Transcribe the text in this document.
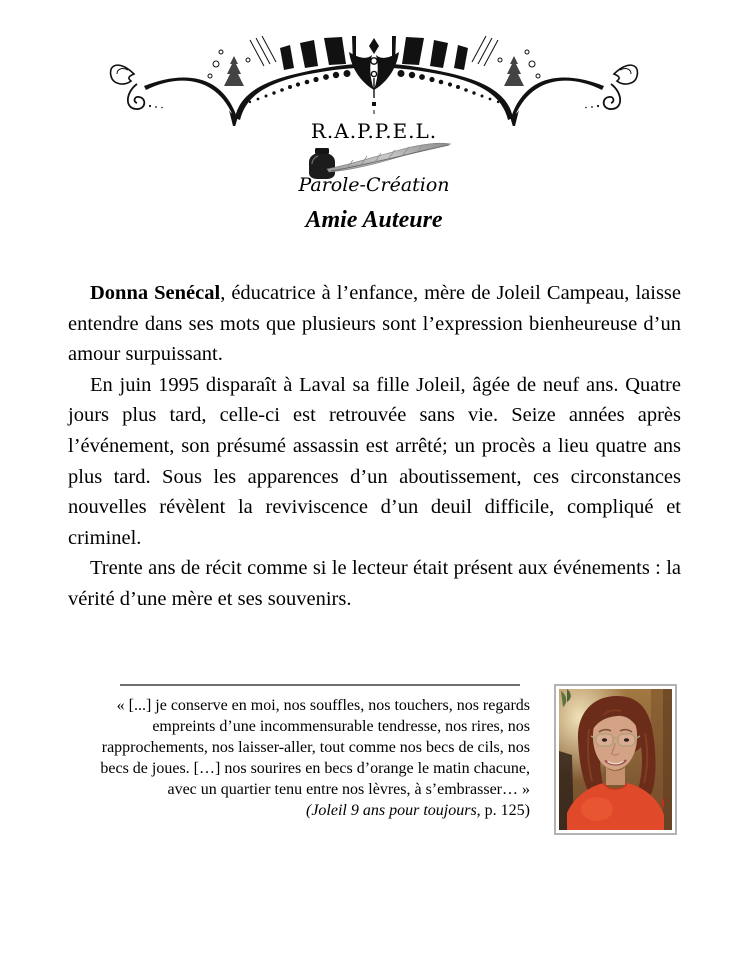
R.A.P.P.E.L.
Parole-Création
Amie Auteure

Donna Senécal, éducatrice à l’enfance, mère de Joleil Campeau, laisse entendre dans ses mots que plusieurs sont l’expression bienheureuse d’un amour surpuissant.

En juin 1995 disparaît à Laval sa fille Joleil, âgée de neuf ans. Quatre jours plus tard, celle-ci est retrouvée sans vie. Seize années après l’événement, son présumé assassin est arrêté; un procès a lieu quatre ans plus tard. Sous les apparences d’un aboutissement, ces circonstances nouvelles révèlent la reviviscence d’un deuil difficile, compliqué et criminel.

Trente ans de récit comme si le lecteur était présent aux événements : la vérité d’une mère et ses souvenirs.

« [...] je conserve en moi, nos souffles, nos touchers, nos regards
empreints d’une incommensurable tendresse, nos rires, nos
rapprochements, nos laisser-aller, tout comme nos becs de cils, nos
becs de joues. […] nos sourires en becs d’orange le matin chacune,
avec un quartier tenu entre nos lèvres, à s’embrasser… »
(Joleil 9 ans pour toujours, p. 125)
